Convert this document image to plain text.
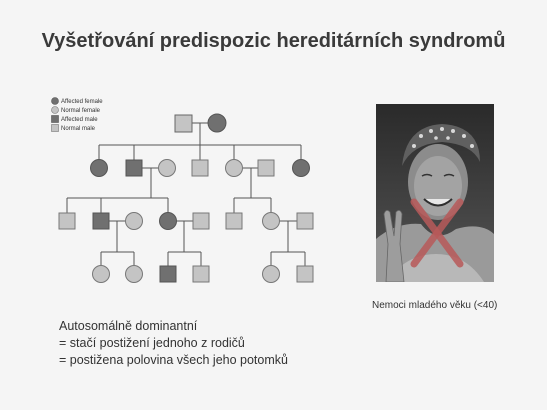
Vyšetřování predispozic hereditárních syndromů
Affected female
Normal female
Affected male
Normal male
Nemoci mladého věku (<40)
Autosomálně dominantní
= stačí postižení jednoho z rodičů
= postižena polovina všech jeho potomků
